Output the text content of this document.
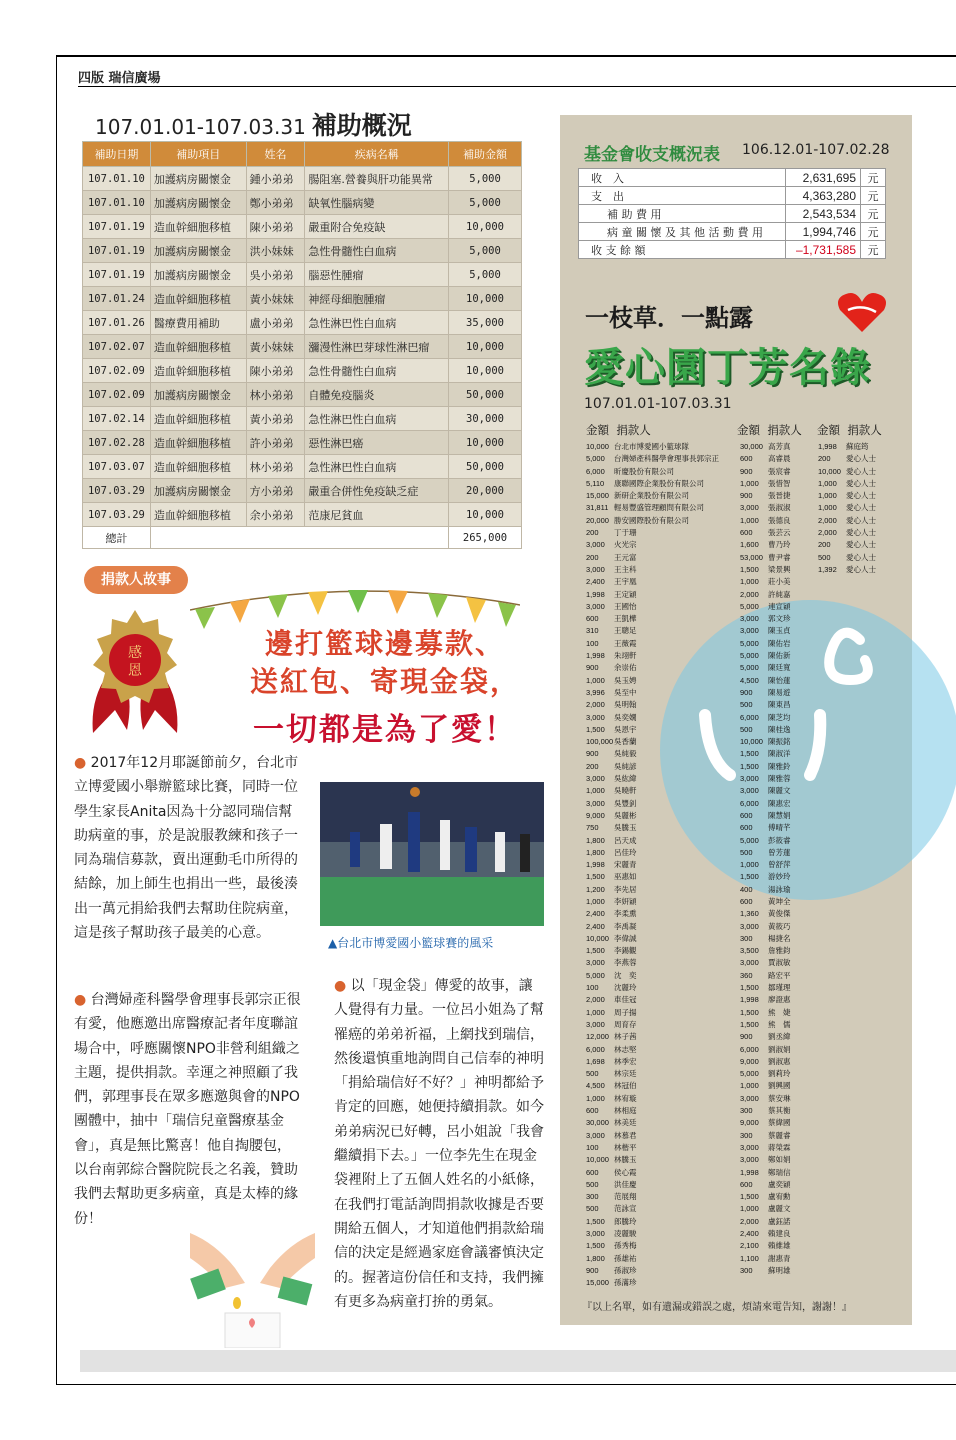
四版 瑞信廣場
107.01.01-107.03.31 補助概況
補助日期	補助項目	姓名	疾病名稱	補助金額
107.01.10	加護病房關懷金	鍾小弟弟	腸阻塞.營養與肝功能異常	5,000
107.01.10	加護病房關懷金	鄭小弟弟	缺氧性腦病變	5,000
107.01.19	造血幹細胞移植	陳小弟弟	嚴重附合免疫缺	10,000
107.01.19	加護病房關懷金	洪小妹妹	急性骨髓性白血病	5,000
107.01.19	加護病房關懷金	吳小弟弟	腦惡性腫瘤	5,000
107.01.24	造血幹細胞移植	黃小妹妹	神經母細胞腫瘤	10,000
107.01.26	醫療費用補助	盧小弟弟	急性淋巴性白血病	35,000
107.02.07	造血幹細胞移植	黃小妹妹	瀰漫性淋巴芽球性淋巴瘤	10,000
107.02.09	造血幹細胞移植	陳小弟弟	急性骨髓性白血病	10,000
107.02.09	加護病房關懷金	林小弟弟	自體免疫腦炎	50,000
107.02.14	造血幹細胞移植	黃小弟弟	急性淋巴性白血病	30,000
107.02.28	造血幹細胞移植	許小弟弟	惡性淋巴癌	10,000
107.03.07	造血幹細胞移植	林小弟弟	急性淋巴性白血病	50,000
107.03.29	加護病房關懷金	方小弟弟	嚴重合併性免疫缺乏症	20,000
107.03.29	造血幹細胞移植	余小弟弟	范康尼貧血	10,000
總計				265,000
捐款人故事
感
恩
邊打籃球邊募款、
送紅包、寄現金袋，
一切都是為了愛！
● 2017年12月耶誕節前夕，台北市立博愛國小舉辦籃球比賽，同時一位學生家長Anita因為十分認同瑞信幫助病童的事，於是說服教練和孩子一同為瑞信募款，賣出運動毛巾所得的結餘，加上師生也捐出一些，最後湊出一萬元捐給我們去幫助住院病童，這是孩子幫助孩子最美的心意。
▲台北市博愛國小籃球賽的風采
● 台灣婦產科醫學會理事長郭宗正很有愛，他應邀出席醫療記者年度聯誼場合中，呼應關懷NPO非營利組織之主題，提供捐款。幸運之神照顧了我們，郭理事長在眾多應邀與會的NPO團體中，抽中「瑞信兒童醫療基金會」，真是無比驚喜！他自掏腰包，以台南郭綜合醫院院長之名義，贊助我們去幫助更多病童，真是太棒的緣份！
● 以「現金袋」傳愛的故事，讓人覺得有力量。一位呂小姐為了幫罹癌的弟弟祈福，上網找到瑞信，然後還慎重地詢問自己信奉的神明「捐給瑞信好不好？」神明都給予肯定的回應，她便持續捐款。如今弟弟病況已好轉，呂小姐說「我會繼續捐下去。」一位李先生在現金袋裡附上了五個人姓名的小紙條，在我們打電話詢問捐款收據是否要開給五個人，才知道他們捐款給瑞信的決定是經過家庭會議審慎決定的。握著這份信任和支持，我們擁有更多為病童打拚的勇氣。
基金會收支概況表 106.12.01-107.02.28
收　入	2,631,695	元
支　出	4,363,280	元
補 助 費 用	2,543,534	元
病 童 關 懷 及 其 他 活 動 費 用	1,994,746	元
收 支 餘 額	–1,731,585	元
一枝草．一點露
愛心園丁芳名錄
107.01.01-107.03.31
金額 捐款人	金額 捐款人 金額 捐款人
10,000 台北市博愛國小籃球隊
5,000 台灣婦產科醫學會理事長郭宗正
6,000 昕慶股份有限公司
5,110 康聯國際企業股份有限公司
15,000 新研企業股份有限公司
31,811 輕易豐盛管理顧問有限公司
20,000 勝安國際股份有限公司
200 丁于珊
3,000 火光宗
200 王元富
3,000 王主科
2,400 王宇凰
1,998 王定穎
3,000 王國怡
600 王凱樺
310 王聰足
100 王薇霞
1,998 朱翊軒
900 余崇佑
1,000 吳玉娉
3,996 吳至中
2,000 吳明翰
3,000 吳奕嫺
1,500 吳恩宇
100,000吳香蘭
900 吳純毅
200 吳純諺
3,000 吳紘緯
1,000 吳曉軒
3,000 吳豐釗
9,000 吳麗彬
750 吳騰玉
1,800 呂天成
1,800 呂佳玲
1,998 宋麗青
1,500 巫惠如
1,200 李先居
1,000 李妍穎
2,400 李柔熏
2,400 李禹凝
10,000 李偉誠
1,500 李錫觀
3,000 李燕蓉
5,000 沈　奕
100 沈麗玲
2,000 車佳冠
1,000 周子揚
3,000 周育存
12,000 林子茜
6,000 林志堅
1,698 林季宏
500 林宗廷
4,500 林冠伯
1,000 林宥璇
600 林相庭
30,000 林美廷
3,000 林慕君
100 林楷平
10,000 林騰玉
600 侯心霞
500 洪佳慶
300 范展翔
500 范詠宣
1,500 郎騰玲
3,000 凌麗駿
1,500 孫秀梅
1,800 孫雄祐
900 孫淑珍
15,000 孫滿珍
30,000 高芳真
600 高睿晨
900 張宸睿
1,000 張惜智
900 張晉捷
3,000 張淑淑
1,000 張德良
600 張芸云
1,600 曹乃玲
53,000 曹尹睿
1,500 梁景興
1,000 莊小美
2,000 許純嘉
5,000 連宣穎
3,000 郭文珍
3,000 陳玉貞
5,000 陳佑岩
5,000 陳佑新
5,000 陳廷寬
4,500 陳怡蓮
900 陳易遊
500 陳東昌
6,000 陳芝均
500 陳桂逸
10,000 陳振銘
1,500 陳淑洋
1,500 陳雅鈴
3,000 陳雅蓉
3,000 陳麗文
6,000 陳惠宏
600 陳慧娟
600 傅晴芊
5,000 彭筱睿
500 曾芳蓮
1,000 曾舒萍
1,500 游妙玲
400 湯詠瑜
600 黃坤全
1,360 黃俊傑
3,000 黃筱巧
300 楊捷名
3,500 詹雅鈞
3,000 賈淑敏
360 路宏平
1,500 鄒瑾理
1,998 廖證惠
1,500 熊　婕
1,500 熊　儒
900 劉丞緯
6,000 劉淑娟
9,000 劉淑惠
5,000 劉莉玲
1,000 劉興國
3,000 蔡安琳
300 蔡其衡
9,000 蔡緯國
300 蔡麗睿
3,000 蔣榮霖
3,000 鄭如娟
1,998 鄭瑞信
600 盧奕穎
1,500 盧宥勳
1,000 盧麗文
2,000 盧鈺諾
2,400 賴建良
2,100 賴維雄
1,100 謝惠青
300 蘇明雄
1,998 蘇庭筠
200 愛心人士
10,000 愛心人士
1,000 愛心人士
1,000 愛心人士
1,000 愛心人士
2,000 愛心人士
2,000 愛心人士
200 愛心人士
500 愛心人士
1,392 愛心人士
『以上名單，如有遺漏或錯誤之處，煩請來電告知，謝謝！』
